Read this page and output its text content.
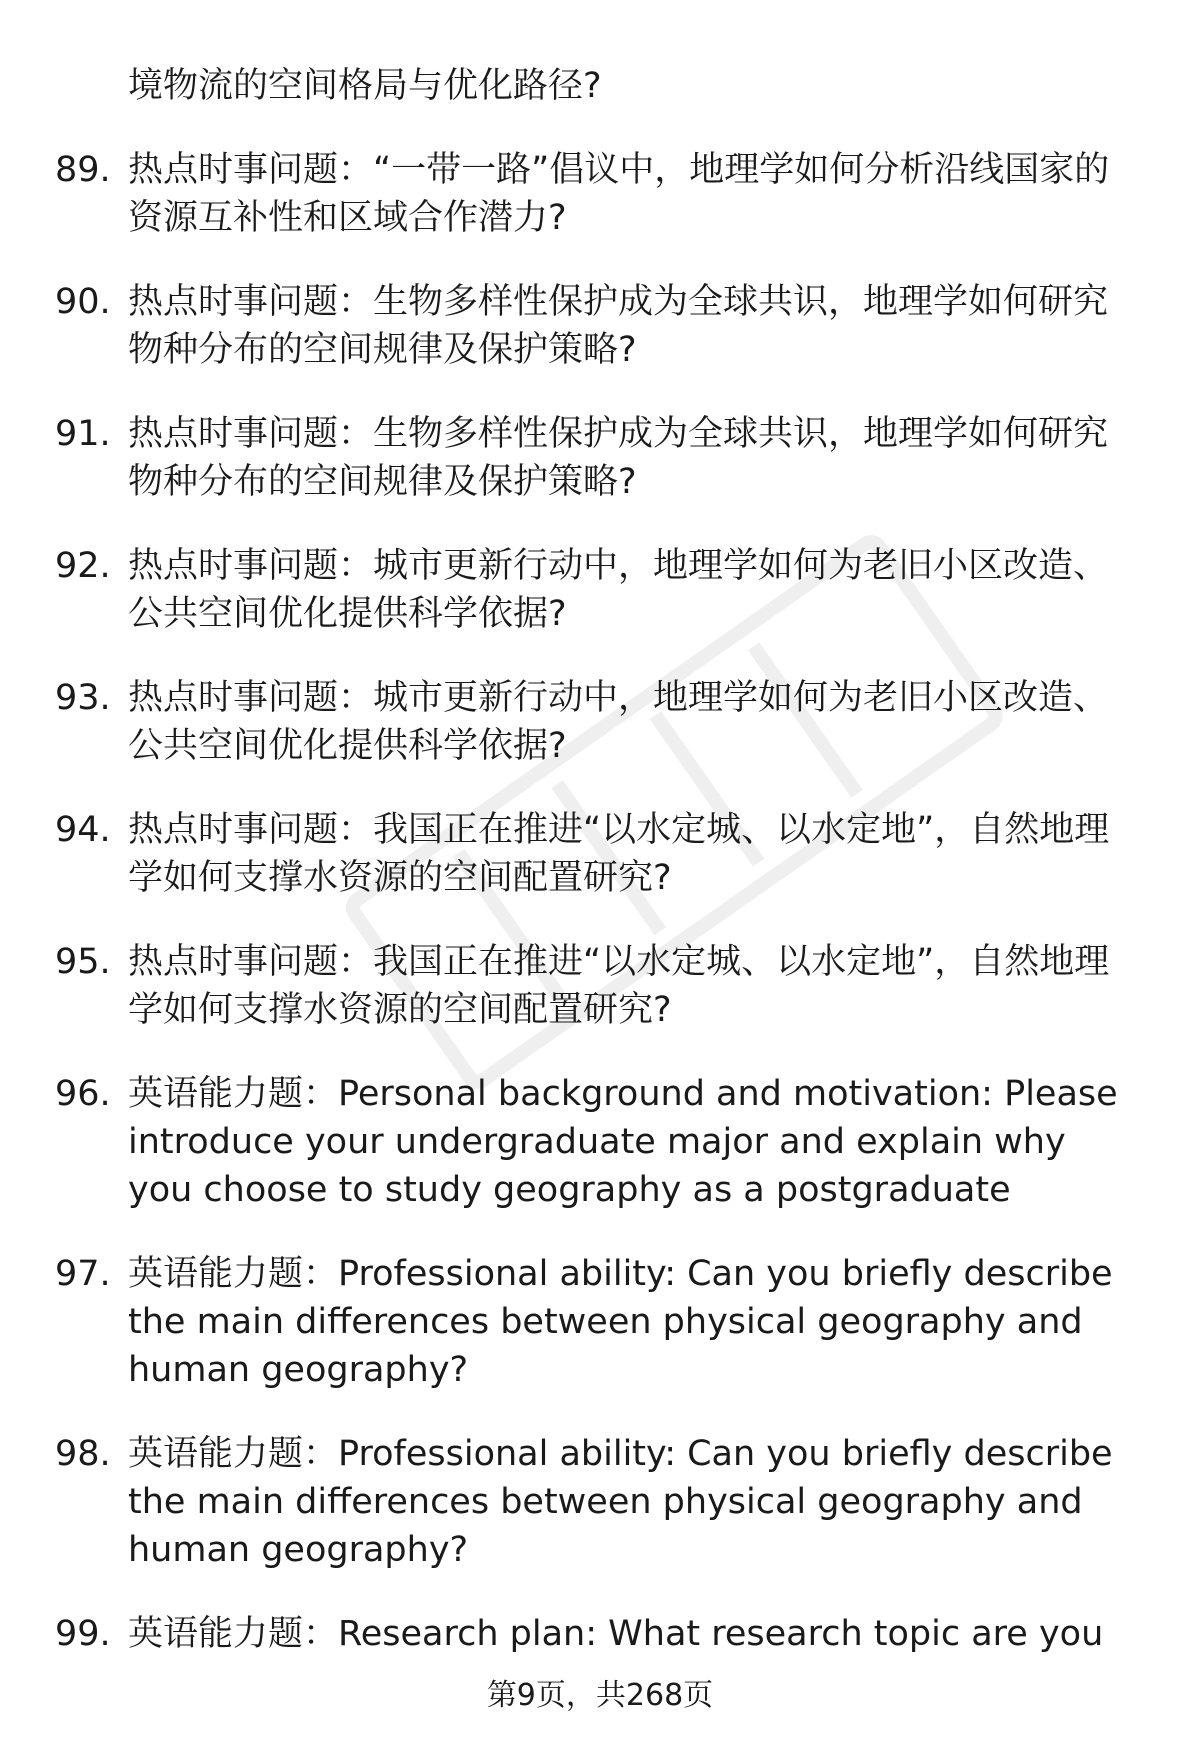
境物流的空间格局与优化路径?
89. 热点时事问题：“一带一路”倡议中，地理学如何分析沿线国家的资源互补性和区域合作潜力?
90. 热点时事问题：生物多样性保护成为全球共识，地理学如何研究物种分布的空间规律及保护策略?
91. 热点时事问题：生物多样性保护成为全球共识，地理学如何研究物种分布的空间规律及保护策略?
92. 热点时事问题：城市更新行动中，地理学如何为老旧小区改造、公共空间优化提供科学依据?
93. 热点时事问题：城市更新行动中，地理学如何为老旧小区改造、公共空间优化提供科学依据?
94. 热点时事问题：我国正在推进“以水定城、以水定地”，自然地理学如何支撑水资源的空间配置研究?
95. 热点时事问题：我国正在推进“以水定城、以水定地”，自然地理学如何支撑水资源的空间配置研究?
96. 英语能力题：Personal background and motivation: Please introduce your undergraduate major and explain why you choose to study geography as a postgraduate
97. 英语能力题：Professional ability: Can you briefly describe the main differences between physical geography and human geography?
98. 英语能力题：Professional ability: Can you briefly describe the main differences between physical geography and human geography?
99. 英语能力题：Research plan: What research topic are you
第9页，共268页
